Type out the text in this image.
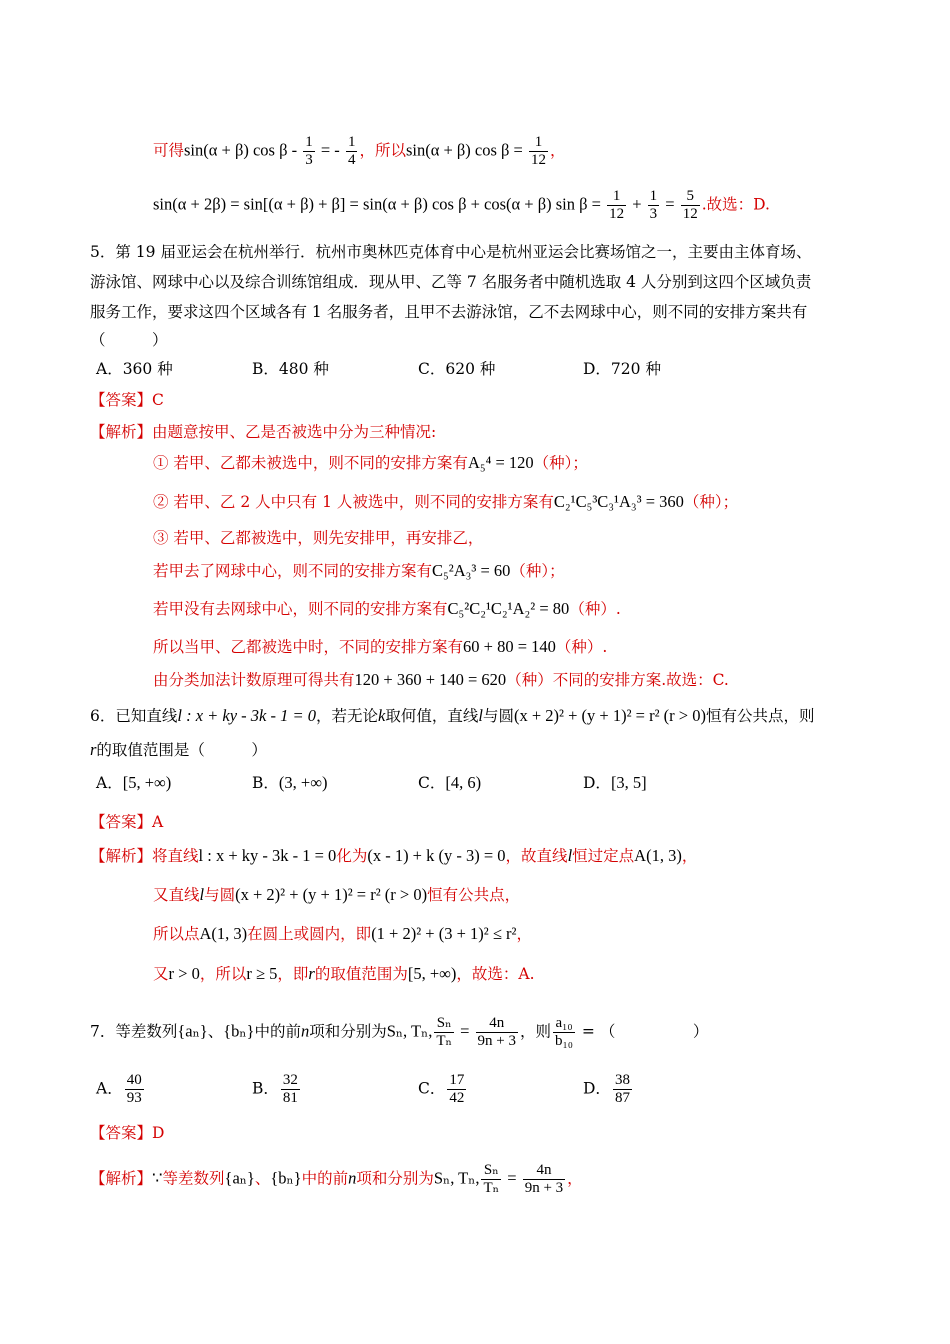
可得sin(α + β) cos β - $\frac{1}{3}$ = - $\frac{1}{4}$ ，所以sin(α + β) $\cos \beta = \frac{1}{12}$ ，
sin(α + 2β) = sin[(α + β) + β] = sin(α + β) cos β + cos(α + β) $\sin \beta = \frac{1}{12} + \frac{1}{3} = \frac{5}{12}$ .故选：D.
5．第 19 届亚运会在杭州举行．杭州市奥林匹克体育中心是杭州亚运会比赛场馆之一，主要由主体育场、
游泳馆、网球中心以及综合训练馆组成．现从甲、乙等 7 名服务者中随机选取 4 人分别到这四个区域负责
服务工作，要求这四个区域各有 1 名服务者，且甲不去游泳馆，乙不去网球中心，则不同的安排方案共有
（　　　）
A．360 种	B．480 种	C．620 种	D．720 种
【答案】C
【解析】由题意按甲、乙是否被选中分为三种情况:
① 若甲、乙都未被选中，则不同的安排方案有A₅⁴ = 120（种）；
② 若甲、乙 2 人中只有 1 人被选中，则不同的安排方案有C₂¹C₅³C₃¹A₃³ = 360（种）；
③ 若甲、乙都被选中，则先安排甲，再安排乙，
若甲去了网球中心，则不同的安排方案有C₅²A₃³ = 60（种）；
若甲没有去网球中心，则不同的安排方案有C₅²C₂¹C₂¹A₂² = 80（种）.
所以当甲、乙都被选中时，不同的安排方案有60 + 80 = 140（种）.
由分类加法计数原理可得共有120 + 360 + 140 = 620（种）不同的安排方案.故选：C.
6．已知直线l : x + ky - 3k - 1 = 0，若无论k取何值，直线l与圆(x + 2)² + (y + 1)² = r² (r > 0)恒有公共点，则
r的取值范围是（　　　）
A．[5, +∞)	B．(3, +∞)	C．[4, 6)	D．[3, 5]
【答案】A
【解析】将直线l : x + ky - 3k - 1 = 0化为(x - 1) + k (y - 3) = 0，故直线l恒过定点A(1, 3)，
又直线l与圆(x + 2)² + (y + 1)² = r² (r > 0)恒有公共点，
所以点A(1, 3)在圆上或圆内，即(1 + 2)² + (3 + 1)² ≤ r²，
又r > 0，所以r ≥ 5，即r的取值范围为[5, +∞)，故选：A.
7．等差数列{aₙ}、{bₙ}中的前n项和分别为Sₙ, Tₙ, $\frac{\text{Sₙ}}{\text{Tₙ}} = \frac{4n}{9n + 3}$ ，则 $\frac{\text{a₁₀}}{\text{b₁₀}}$ = （　　　　　）
A． $\frac{40}{93}$	B． $\frac{32}{81}$	C． $\frac{17}{42}$	D． $\frac{38}{87}$
【答案】D
【解析】∵等差数列{aₙ}、{bₙ}中的前n项和分别为Sₙ, Tₙ, $\frac{\text{Sₙ}}{\text{Tₙ}} = \frac{4n}{9n + 3}$ ，
